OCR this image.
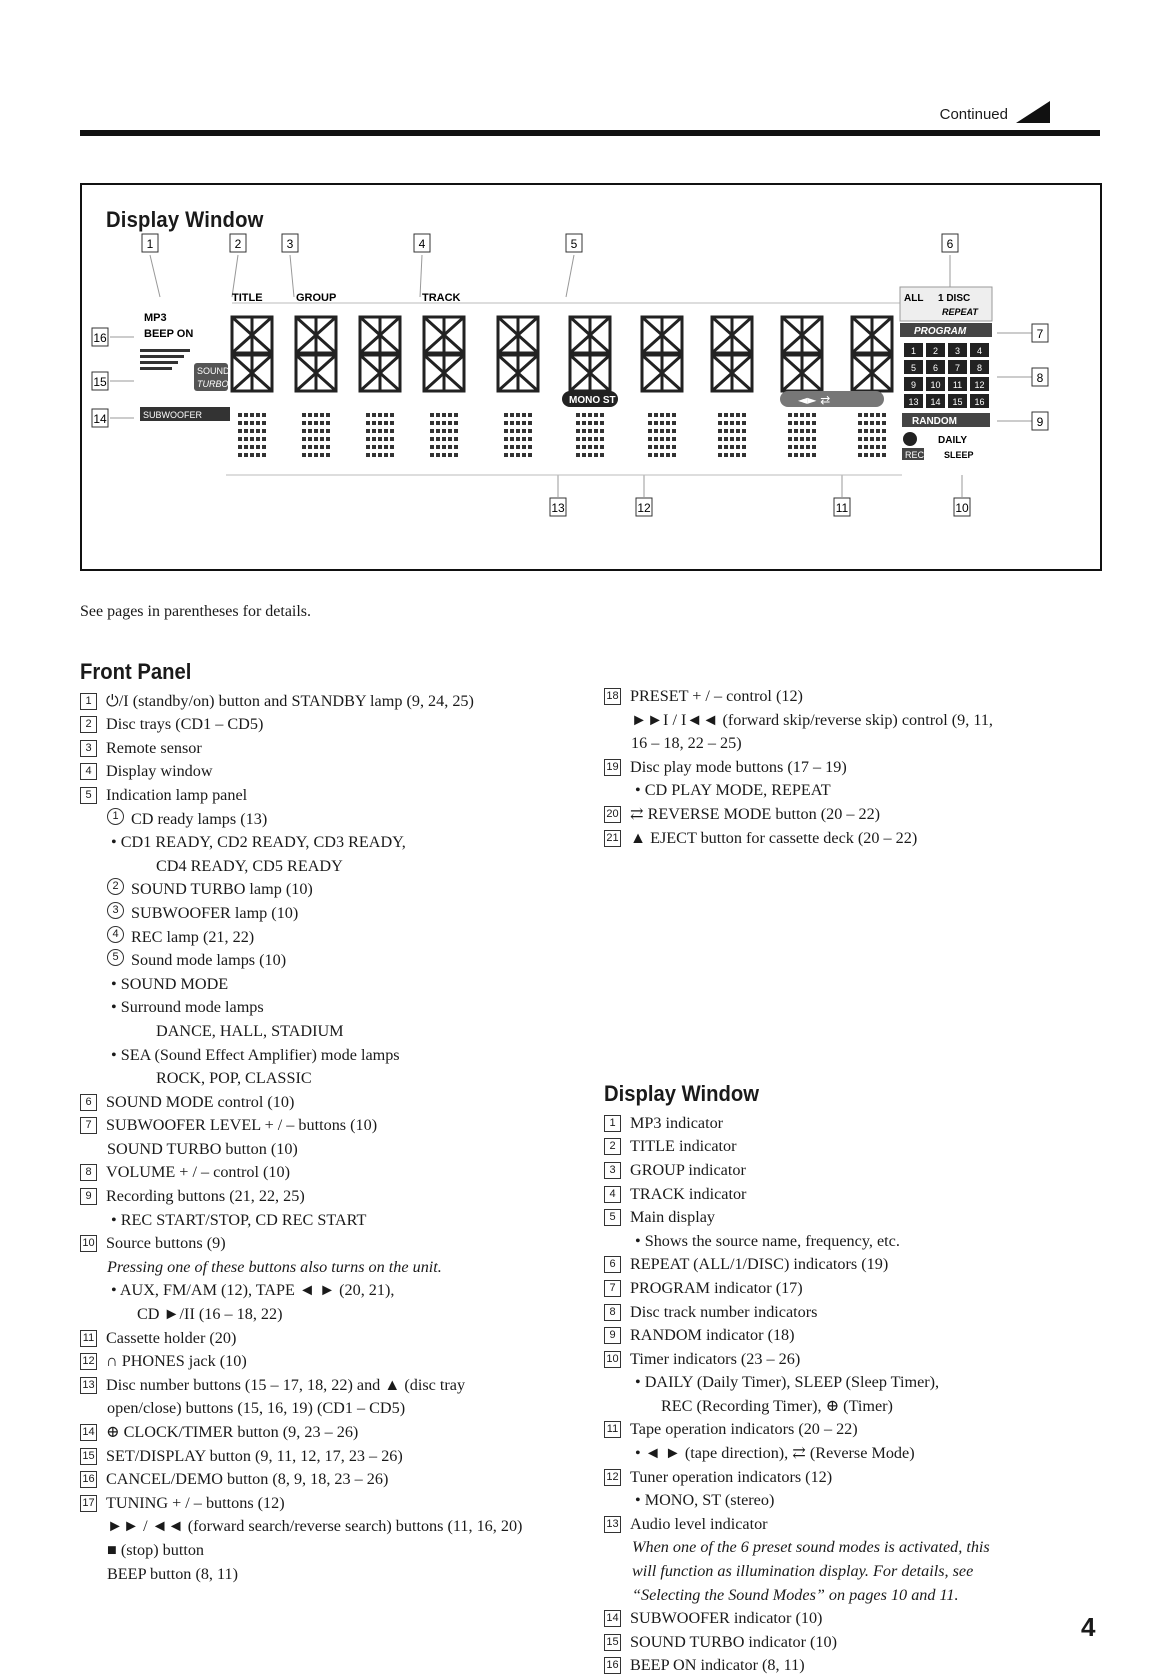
Continued
Display Window
1	2	3	4	5	6
7
8
9
16
15
14
13	12	11	10
TITLE	GROUP	TRACK
MP3
BEEP ON
SOUND
TURBO
SUBWOOFER
MONO ST	◄► ⇄
ALL 1 DISC
REPEAT
PROGRAM
1 2 3 4
5 6 7 8
9 10 11 12
13 14 15 16
RANDOM
DAILY
REC SLEEP
See pages in parentheses for details.
Front Panel
1 ⏻/I (standby/on) button and STANDBY lamp (9, 24, 25)
2 Disc trays (CD1 – CD5)
3 Remote sensor
4 Display window
5 Indication lamp panel
1 CD ready lamps (13)
• CD1 READY, CD2 READY, CD3 READY,
CD4 READY, CD5 READY
2 SOUND TURBO lamp (10)
3 SUBWOOFER lamp (10)
4 REC lamp (21, 22)
5 Sound mode lamps (10)
• SOUND MODE
• Surround mode lamps
DANCE, HALL, STADIUM
• SEA (Sound Effect Amplifier) mode lamps
ROCK, POP, CLASSIC
6 SOUND MODE control (10)
7 SUBWOOFER LEVEL + / – buttons (10)
SOUND TURBO button (10)
8 VOLUME + / – control (10)
9 Recording buttons (21, 22, 25)
• REC START/STOP, CD REC START
10 Source buttons (9)
Pressing one of these buttons also turns on the unit.
• AUX, FM/AM (12), TAPE ◄ ► (20, 21),
CD ►/II (16 – 18, 22)
11 Cassette holder (20)
12 ∩ PHONES jack (10)
13 Disc number buttons (15 – 17, 18, 22) and ▲ (disc tray
open/close) buttons (15, 16, 19) (CD1 – CD5)
14 ⊕ CLOCK/TIMER button (9, 23 – 26)
15 SET/DISPLAY button (9, 11, 12, 17, 23 – 26)
16 CANCEL/DEMO button (8, 9, 18, 23 – 26)
17 TUNING + / – buttons (12)
►► / ◄◄ (forward search/reverse search) buttons (11, 16, 20)
■ (stop) button
BEEP button (8, 11)
18 PRESET + / – control (12)
►►I / I◄◄ (forward skip/reverse skip) control (9, 11,
16 – 18, 22 – 25)
19 Disc play mode buttons (17 – 19)
• CD PLAY MODE, REPEAT
20 ⇄ REVERSE MODE button (20 – 22)
21 ▲ EJECT button for cassette deck (20 – 22)
Display Window
1 MP3 indicator
2 TITLE indicator
3 GROUP indicator
4 TRACK indicator
5 Main display
• Shows the source name, frequency, etc.
6 REPEAT (ALL/1/DISC) indicators (19)
7 PROGRAM indicator (17)
8 Disc track number indicators
9 RANDOM indicator (18)
10 Timer indicators (23 – 26)
• DAILY (Daily Timer), SLEEP (Sleep Timer),
REC (Recording Timer), ⊕ (Timer)
11 Tape operation indicators (20 – 22)
• ◄ ► (tape direction), ⇄ (Reverse Mode)
12 Tuner operation indicators (12)
• MONO, ST (stereo)
13 Audio level indicator
When one of the 6 preset sound modes is activated, this
will function as illumination display. For details, see
“Selecting the Sound Modes” on pages 10 and 11.
14 SUBWOOFER indicator (10)
15 SOUND TURBO indicator (10)
16 BEEP ON indicator (8, 11)
4
